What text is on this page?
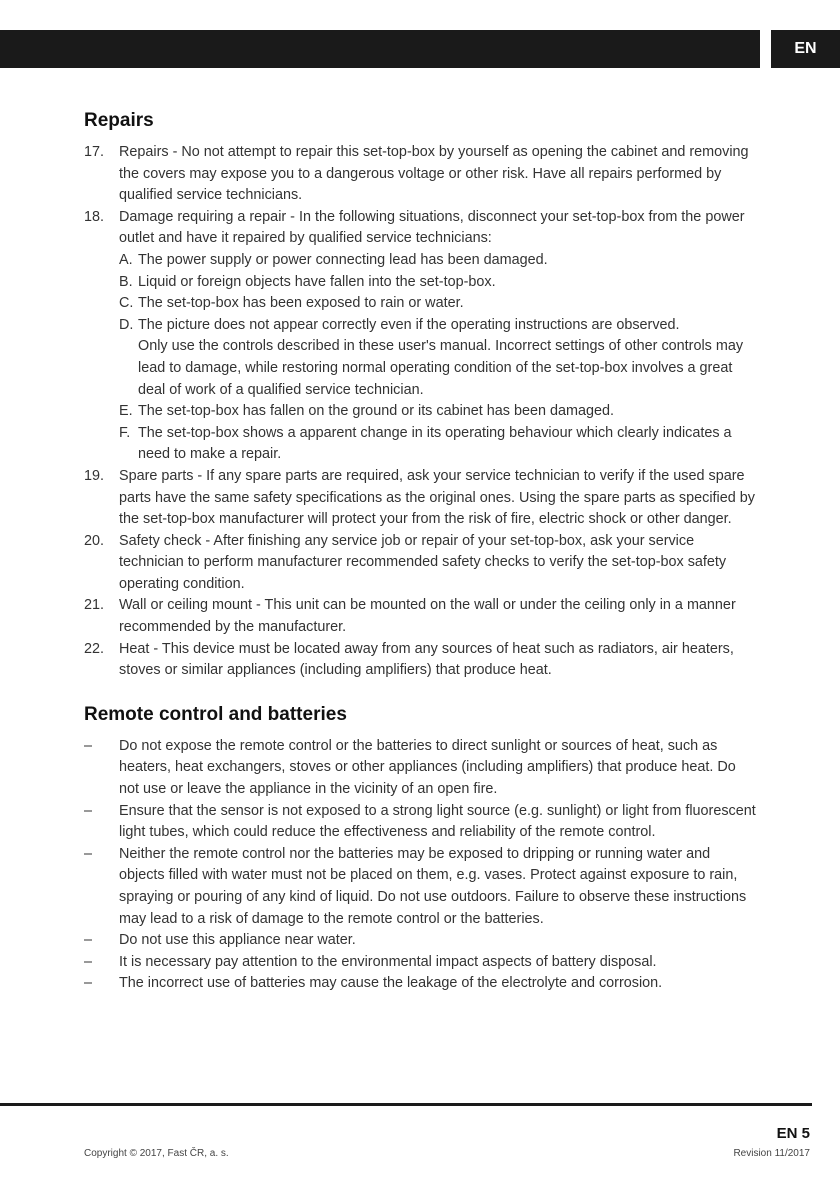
EN
Repairs
17. Repairs - No not attempt to repair this set-top-box by yourself as opening the cabinet and removing the covers may expose you to a dangerous voltage or other risk. Have all repairs performed by qualified service technicians.
18. Damage requiring a repair - In the following situations, disconnect your set-top-box from the power outlet and have it repaired by qualified service technicians:
A. The power supply or power connecting lead has been damaged.
B. Liquid or foreign objects have fallen into the set-top-box.
C. The set-top-box has been exposed to rain or water.
D. The picture does not appear correctly even if the operating instructions are observed.
Only use the controls described in these user's manual. Incorrect settings of other controls may lead to damage, while restoring normal operating condition of the set-top-box involves a great deal of work of a qualified service technician.
E. The set-top-box has fallen on the ground or its cabinet has been damaged.
F. The set-top-box shows a apparent change in its operating behaviour which clearly indicates a need to make a repair.
19. Spare parts - If any spare parts are required, ask your service technician to verify if the used spare parts have the same safety specifications as the original ones. Using the spare parts as specified by the set-top-box manufacturer will protect your from the risk of fire, electric shock or other danger.
20. Safety check - After finishing any service job or repair of your set-top-box, ask your service technician to perform manufacturer recommended safety checks to verify the set-top-box safety operating condition.
21. Wall or ceiling mount - This unit can be mounted on the wall or under the ceiling only in a manner recommended by the manufacturer.
22. Heat - This device must be located away from any sources of heat such as radiators, air heaters, stoves or similar appliances (including amplifiers) that produce heat.
Remote control and batteries
– Do not expose the remote control or the batteries to direct sunlight or sources of heat, such as heaters, heat exchangers, stoves or other appliances (including amplifiers) that produce heat. Do not use or leave the appliance in the vicinity of an open fire.
– Ensure that the sensor is not exposed to a strong light source (e.g. sunlight) or light from fluorescent light tubes, which could reduce the effectiveness and reliability of the remote control.
– Neither the remote control nor the batteries may be exposed to dripping or running water and objects filled with water must not be placed on them, e.g. vases. Protect against exposure to rain, spraying or pouring of any kind of liquid. Do not use outdoors. Failure to observe these instructions may lead to a risk of damage to the remote control or the batteries.
– Do not use this appliance near water.
– It is necessary pay attention to the environmental impact aspects of battery disposal.
– The incorrect use of batteries may cause the leakage of the electrolyte and corrosion.
EN 5
Copyright © 2017, Fast ČR, a. s.	Revision 11/2017
